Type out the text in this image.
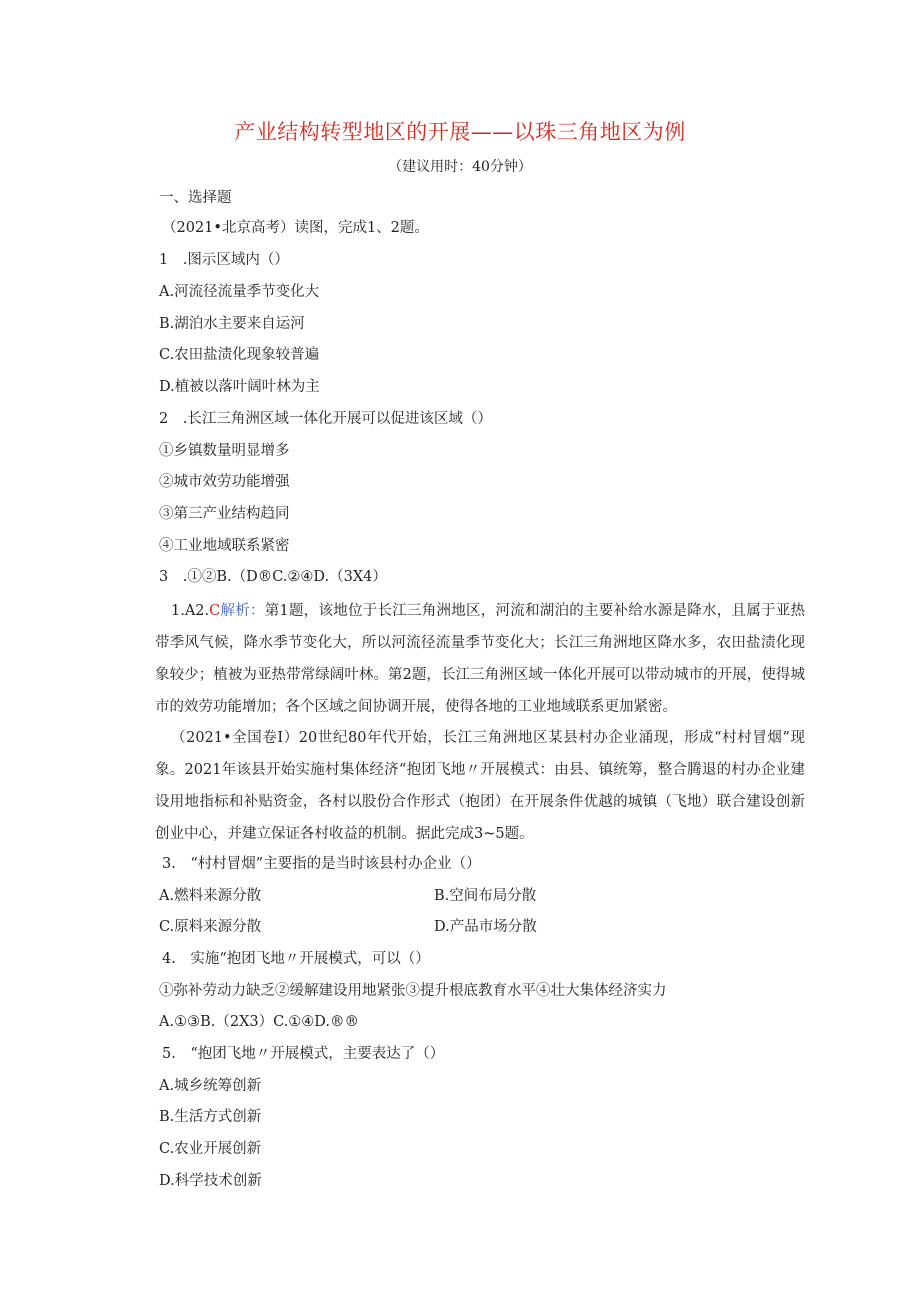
产业结构转型地区的开展——以珠三角地区为例
（建议用时：40分钟）
一、选择题
（2021•北京高考）读图，完成1、2题。
1　.图示区域内（）
A.河流径流量季节变化大
B.湖泊水主要来自运河
C.农田盐渍化现象较普遍
D.植被以落叶阔叶林为主
2　.长江三角洲区域一体化开展可以促进该区域（）
①乡镇数量明显增多
②城市效劳功能增强
③第三产业结构趋同
④工业地域联系紧密
3　.①②B.（D®C.②④D.（3X4）
1.A2.C解析：第1题，该地位于长江三角洲地区，河流和湖泊的主要补给水源是降水，且属于亚热带季风气候，降水季节变化大，所以河流径流量季节变化大；长江三角洲地区降水多，农田盐渍化现象较少；植被为亚热带常绿阔叶林。第2题，长江三角洲区域一体化开展可以带动城市的开展，使得城市的效劳功能增加；各个区域之间协调开展，使得各地的工业地域联系更加紧密。
（2021•全国卷I）20世纪80年代开始，长江三角洲地区某县村办企业涌现，形成“村村冒烟”现象。2021年该县开始实施村集体经济“抱团飞地〃开展模式：由县、镇统筹，整合腾退的村办企业建设用地指标和补贴资金，各村以股份合作形式（抱团）在开展条件优越的城镇（飞地）联合建设创新创业中心，并建立保证各村收益的机制。据此完成3~5题。
3.　“村村冒烟”主要指的是当时该县村办企业（）
A.燃料来源分散	B.空间布局分散
C.原料来源分散	D.产品市场分散
4.　实施“抱团飞地〃开展模式，可以（）
①弥补劳动力缺乏②缓解建设用地紧张③提升根底教育水平④壮大集体经济实力
A.①③B.（2X3）C.①④D.®®
5.　“抱团飞地〃开展模式，主要表达了（）
A.城乡统筹创新
B.生活方式创新
C.农业开展创新
D.科学技术创新
